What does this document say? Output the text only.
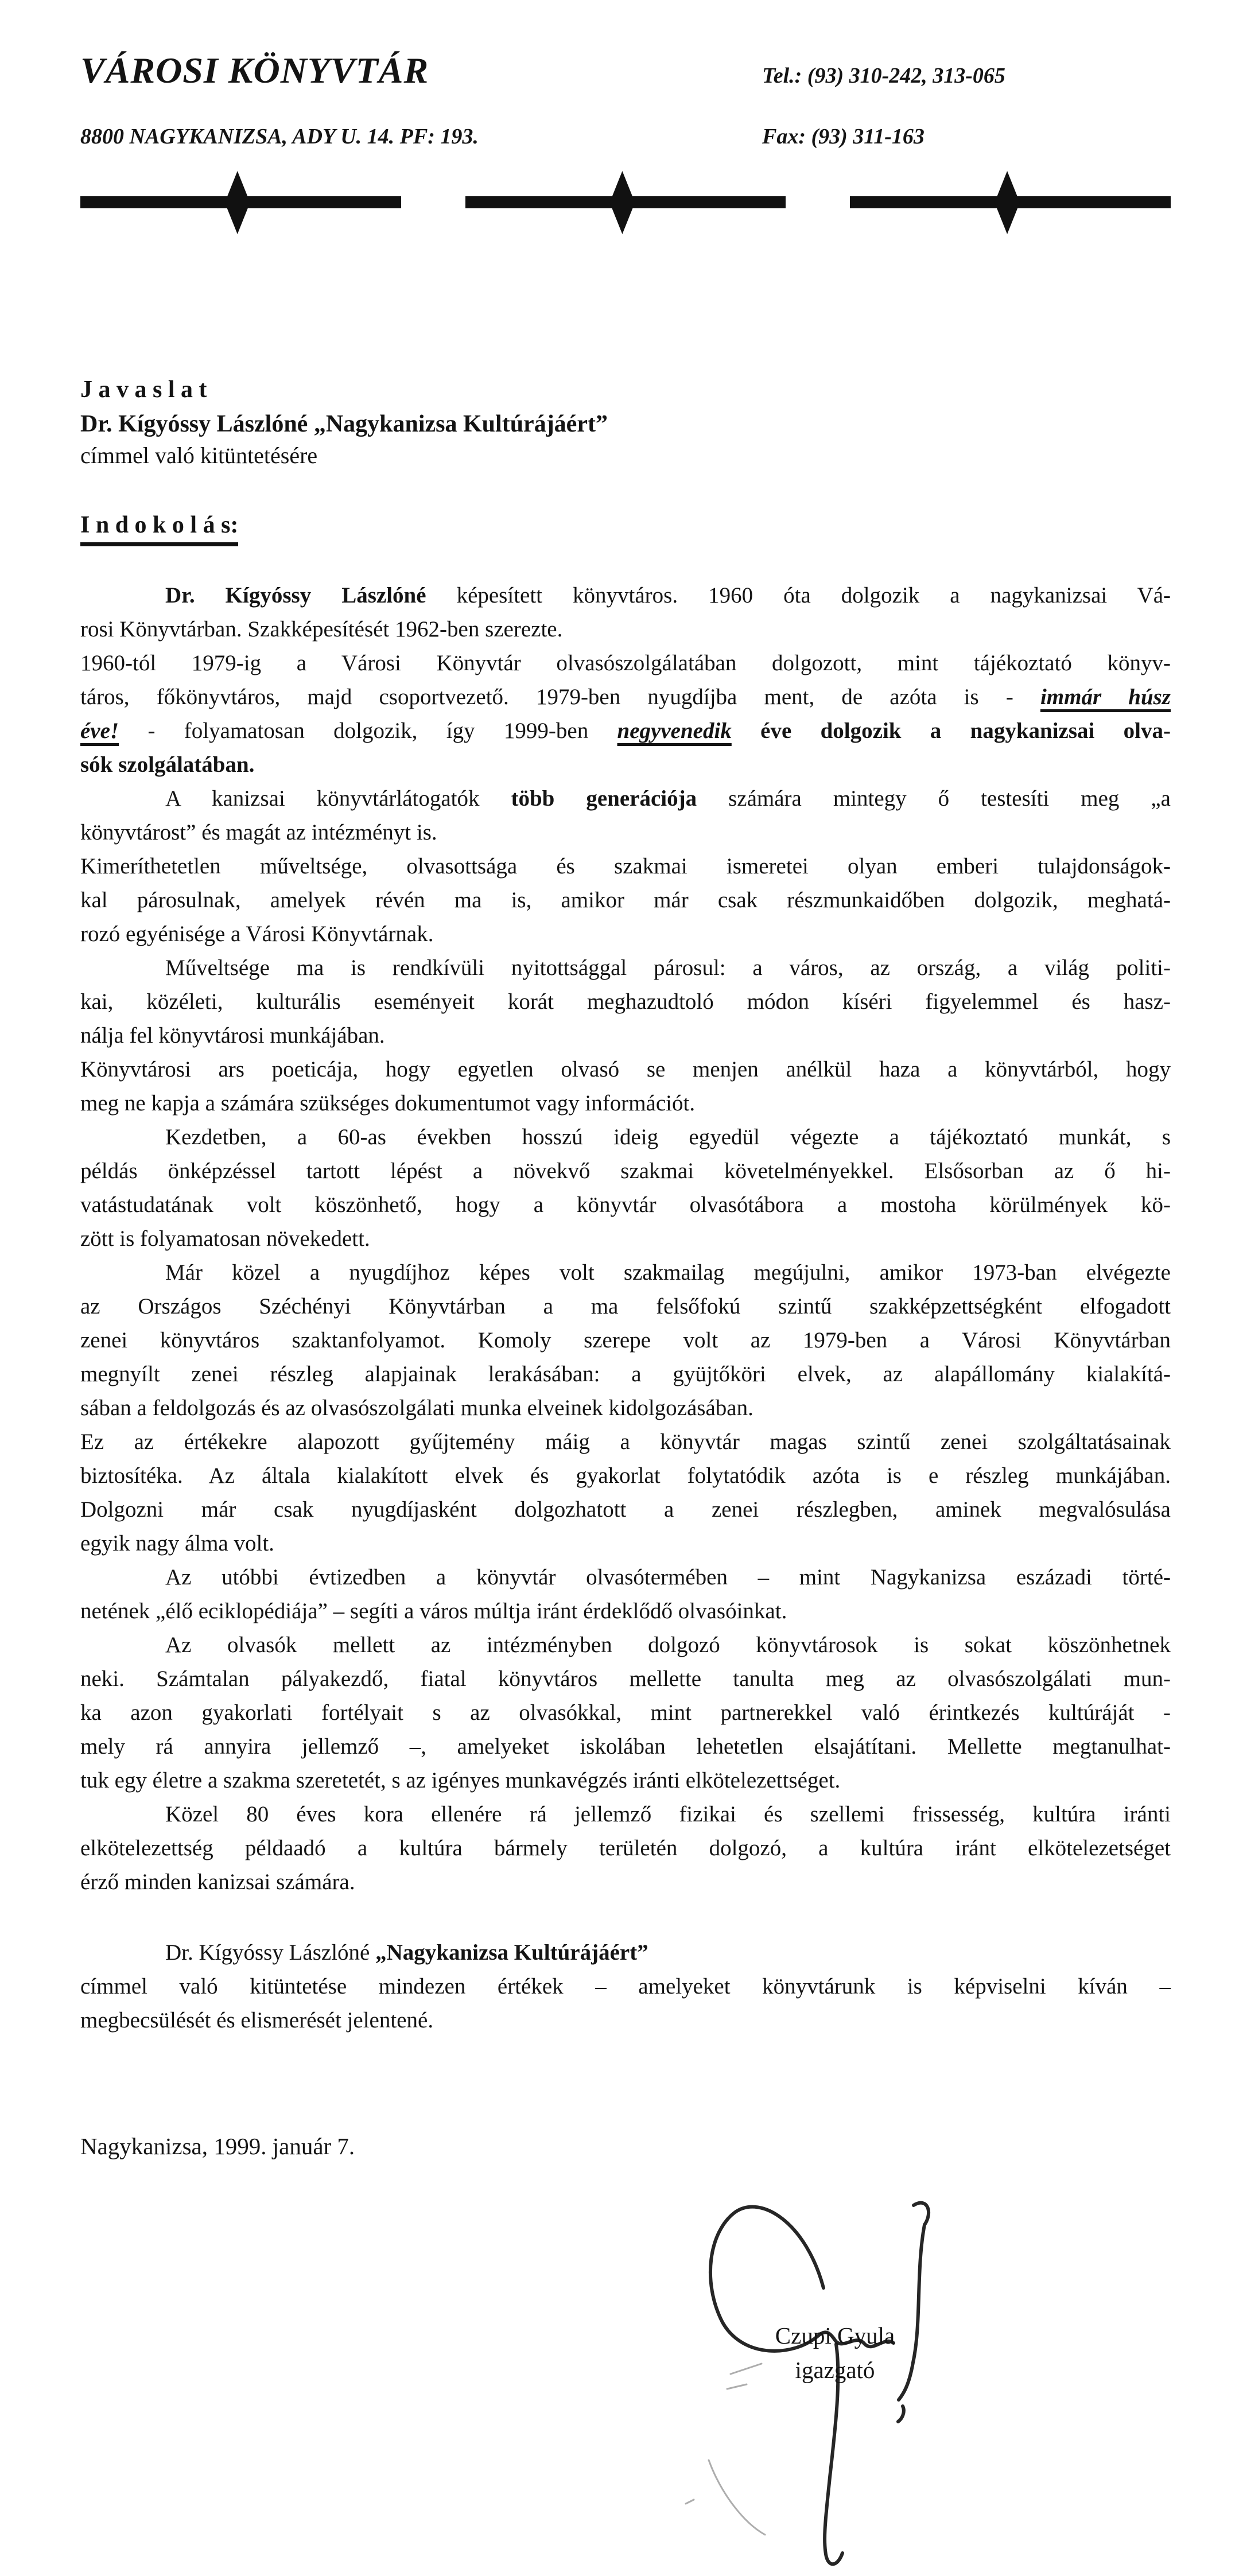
VÁROSI KÖNYVTÁR	Tel.: (93) 310-242, 313-065
8800 NAGYKANIZSA, ADY U. 14. PF: 193.	Fax: (93) 311-163
J a v a s l a t
Dr. Kígyóssy Lászlóné „Nagykanizsa Kultúrájáért”
címmel való kitüntetésére
I n d o k o l á s:

Dr. Kígyóssy Lászlóné képesített könyvtáros. 1960 óta dolgozik a nagykanizsai Vá-
rosi Könyvtárban. Szakképesítését 1962-ben szerezte.

1960-tól 1979-ig a Városi Könyvtár olvasószolgálatában dolgozott, mint tájékoztató könyv-
táros, főkönyvtáros, majd csoportvezető. 1979-ben nyugdíjba ment, de azóta is - immár húsz
éve! - folyamatosan dolgozik, így 1999-ben negyvenedik éve dolgozik a nagykanizsai olva-
sók szolgálatában.

A kanizsai könyvtárlátogatók több generációja számára mintegy ő testesíti meg „a
könyvtárost” és magát az intézményt is.

Kimeríthetetlen műveltsége, olvasottsága és szakmai ismeretei olyan emberi tulajdonságok-
kal párosulnak, amelyek révén ma is, amikor már csak részmunkaidőben dolgozik, meghatá-
rozó egyénisége a Városi Könyvtárnak.

Műveltsége ma is rendkívüli nyitottsággal párosul: a város, az ország, a világ politi-
kai, közéleti, kulturális eseményeit korát meghazudtoló módon kíséri figyelemmel és hasz-
nálja fel könyvtárosi munkájában.

Könyvtárosi ars poeticája, hogy egyetlen olvasó se menjen anélkül haza a könyvtárból, hogy
meg ne kapja a számára szükséges dokumentumot vagy információt.

Kezdetben, a 60-as években hosszú ideig egyedül végezte a tájékoztató munkát, s
példás önképzéssel tartott lépést a növekvő szakmai követelményekkel. Elsősorban az ő hi-
vatástudatának volt köszönhető, hogy a könyvtár olvasótábora a mostoha körülmények kö-
zött is folyamatosan növekedett.

Már közel a nyugdíjhoz képes volt szakmailag megújulni, amikor 1973-ban elvégezte
az Országos Széchényi Könyvtárban a ma felsőfokú szintű szakképzettségként elfogadott
zenei könyvtáros szaktanfolyamot. Komoly szerepe volt az 1979-ben a Városi Könyvtárban
megnyílt zenei részleg alapjainak lerakásában: a gyüjtőköri elvek, az alapállomány kialakítá-
sában a feldolgozás és az olvasószolgálati munka elveinek kidolgozásában.

Ez az értékekre alapozott gyűjtemény máig a könyvtár magas szintű zenei szolgáltatásainak
biztosítéka. Az általa kialakított elvek és gyakorlat folytatódik azóta is e részleg munkájában.
Dolgozni már csak nyugdíjasként dolgozhatott a zenei részlegben, aminek megvalósulása
egyik nagy álma volt.

Az utóbbi évtizedben a könyvtár olvasótermében – mint Nagykanizsa eszázadi törté-
netének „élő eciklopédiája” – segíti a város múltja iránt érdeklődő olvasóinkat.

Az olvasók mellett az intézményben dolgozó könyvtárosok is sokat köszönhetnek
neki. Számtalan pályakezdő, fiatal könyvtáros mellette tanulta meg az olvasószolgálati mun-
ka azon gyakorlati fortélyait s az olvasókkal, mint partnerekkel való érintkezés kultúráját -
mely rá annyira jellemző –, amelyeket iskolában lehetetlen elsajátítani. Mellette megtanulhat-
tuk egy életre a szakma szeretetét, s az igényes munkavégzés iránti elkötelezettséget.

Közel 80 éves kora ellenére rá jellemző fizikai és szellemi frissesség, kultúra iránti
elkötelezettség példaadó a kultúra bármely területén dolgozó, a kultúra iránt elkötelezetséget
érző minden kanizsai számára.

Dr. Kígyóssy Lászlóné „Nagykanizsa Kultúrájáért”

címmel való kitüntetése mindezen értékek – amelyeket könyvtárunk is képviselni kíván –
megbecsülését és elismerését jelentené.

Nagykanizsa, 1999. január 7.

Czupi Gyula
igazgató
